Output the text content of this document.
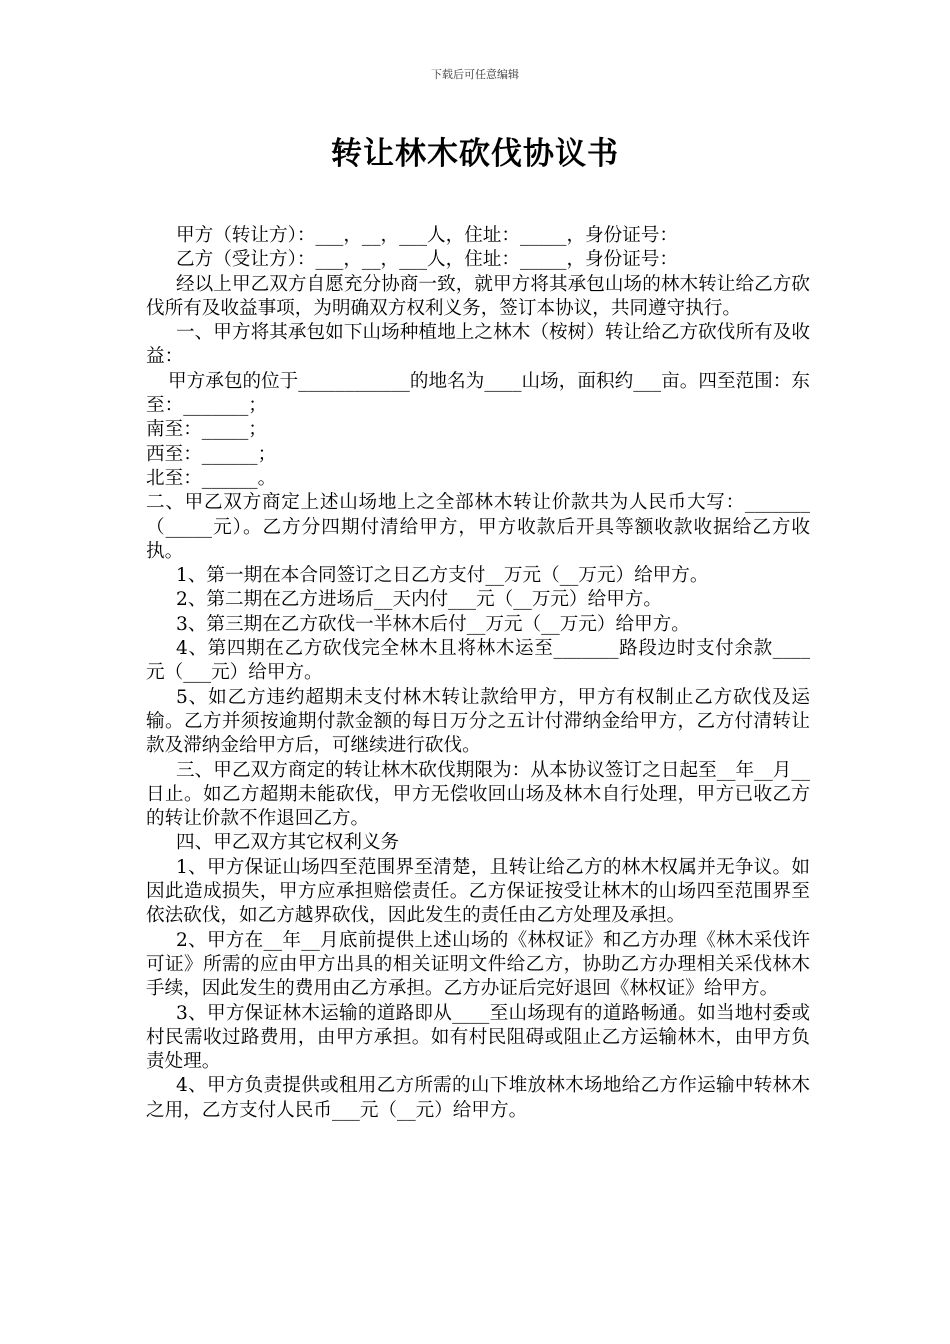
下载后可任意编辑
转让林木砍伐协议书

甲方（转让方）：___，__，___人，住址：_____，身份证号：

乙方（受让方）：___，__，___人，住址：_____，身份证号：

经以上甲乙双方自愿充分协商一致，就甲方将其承包山场的林木转让给乙方砍伐所有及收益事项，为明确双方权利义务，签订本协议，共同遵守执行。

一、甲方将其承包如下山场种植地上之林木（桉树）转让给乙方砍伐所有及收益：

甲方承包的位于____________的地名为____山场，面积约___亩。四至范围：东至：_______；

南至：_____；

西至：______；

北至：______。

二、甲乙双方商定上述山场地上之全部林木转让价款共为人民币大写：_______（_____元）。乙方分四期付清给甲方，甲方收款后开具等额收款收据给乙方收执。

1、第一期在本合同签订之日乙方支付__万元（__万元）给甲方。

2、第二期在乙方进场后__天内付___元（__万元）给甲方。

3、第三期在乙方砍伐一半林木后付__万元（__万元）给甲方。

4、第四期在乙方砍伐完全林木且将林木运至_______路段边时支付余款____元（___元）给甲方。

5、如乙方违约超期未支付林木转让款给甲方，甲方有权制止乙方砍伐及运输。乙方并须按逾期付款金额的每日万分之五计付滞纳金给甲方，乙方付清转让款及滞纳金给甲方后，可继续进行砍伐。

三、甲乙双方商定的转让林木砍伐期限为：从本协议签订之日起至__年__月__日止。如乙方超期未能砍伐，甲方无偿收回山场及林木自行处理，甲方已收乙方的转让价款不作退回乙方。

四、甲乙双方其它权利义务

1、甲方保证山场四至范围界至清楚，且转让给乙方的林木权属并无争议。如因此造成损失，甲方应承担赔偿责任。乙方保证按受让林木的山场四至范围界至依法砍伐，如乙方越界砍伐，因此发生的责任由乙方处理及承担。

2、甲方在__年__月底前提供上述山场的《林权证》和乙方办理《林木采伐许可证》所需的应由甲方出具的相关证明文件给乙方，协助乙方办理相关采伐林木手续，因此发生的费用由乙方承担。乙方办证后完好退回《林权证》给甲方。

3、甲方保证林木运输的道路即从____至山场现有的道路畅通。如当地村委或村民需收过路费用，由甲方承担。如有村民阻碍或阻止乙方运输林木，由甲方负责处理。

4、甲方负责提供或租用乙方所需的山下堆放林木场地给乙方作运输中转林木之用，乙方支付人民币___元（__元）给甲方。
